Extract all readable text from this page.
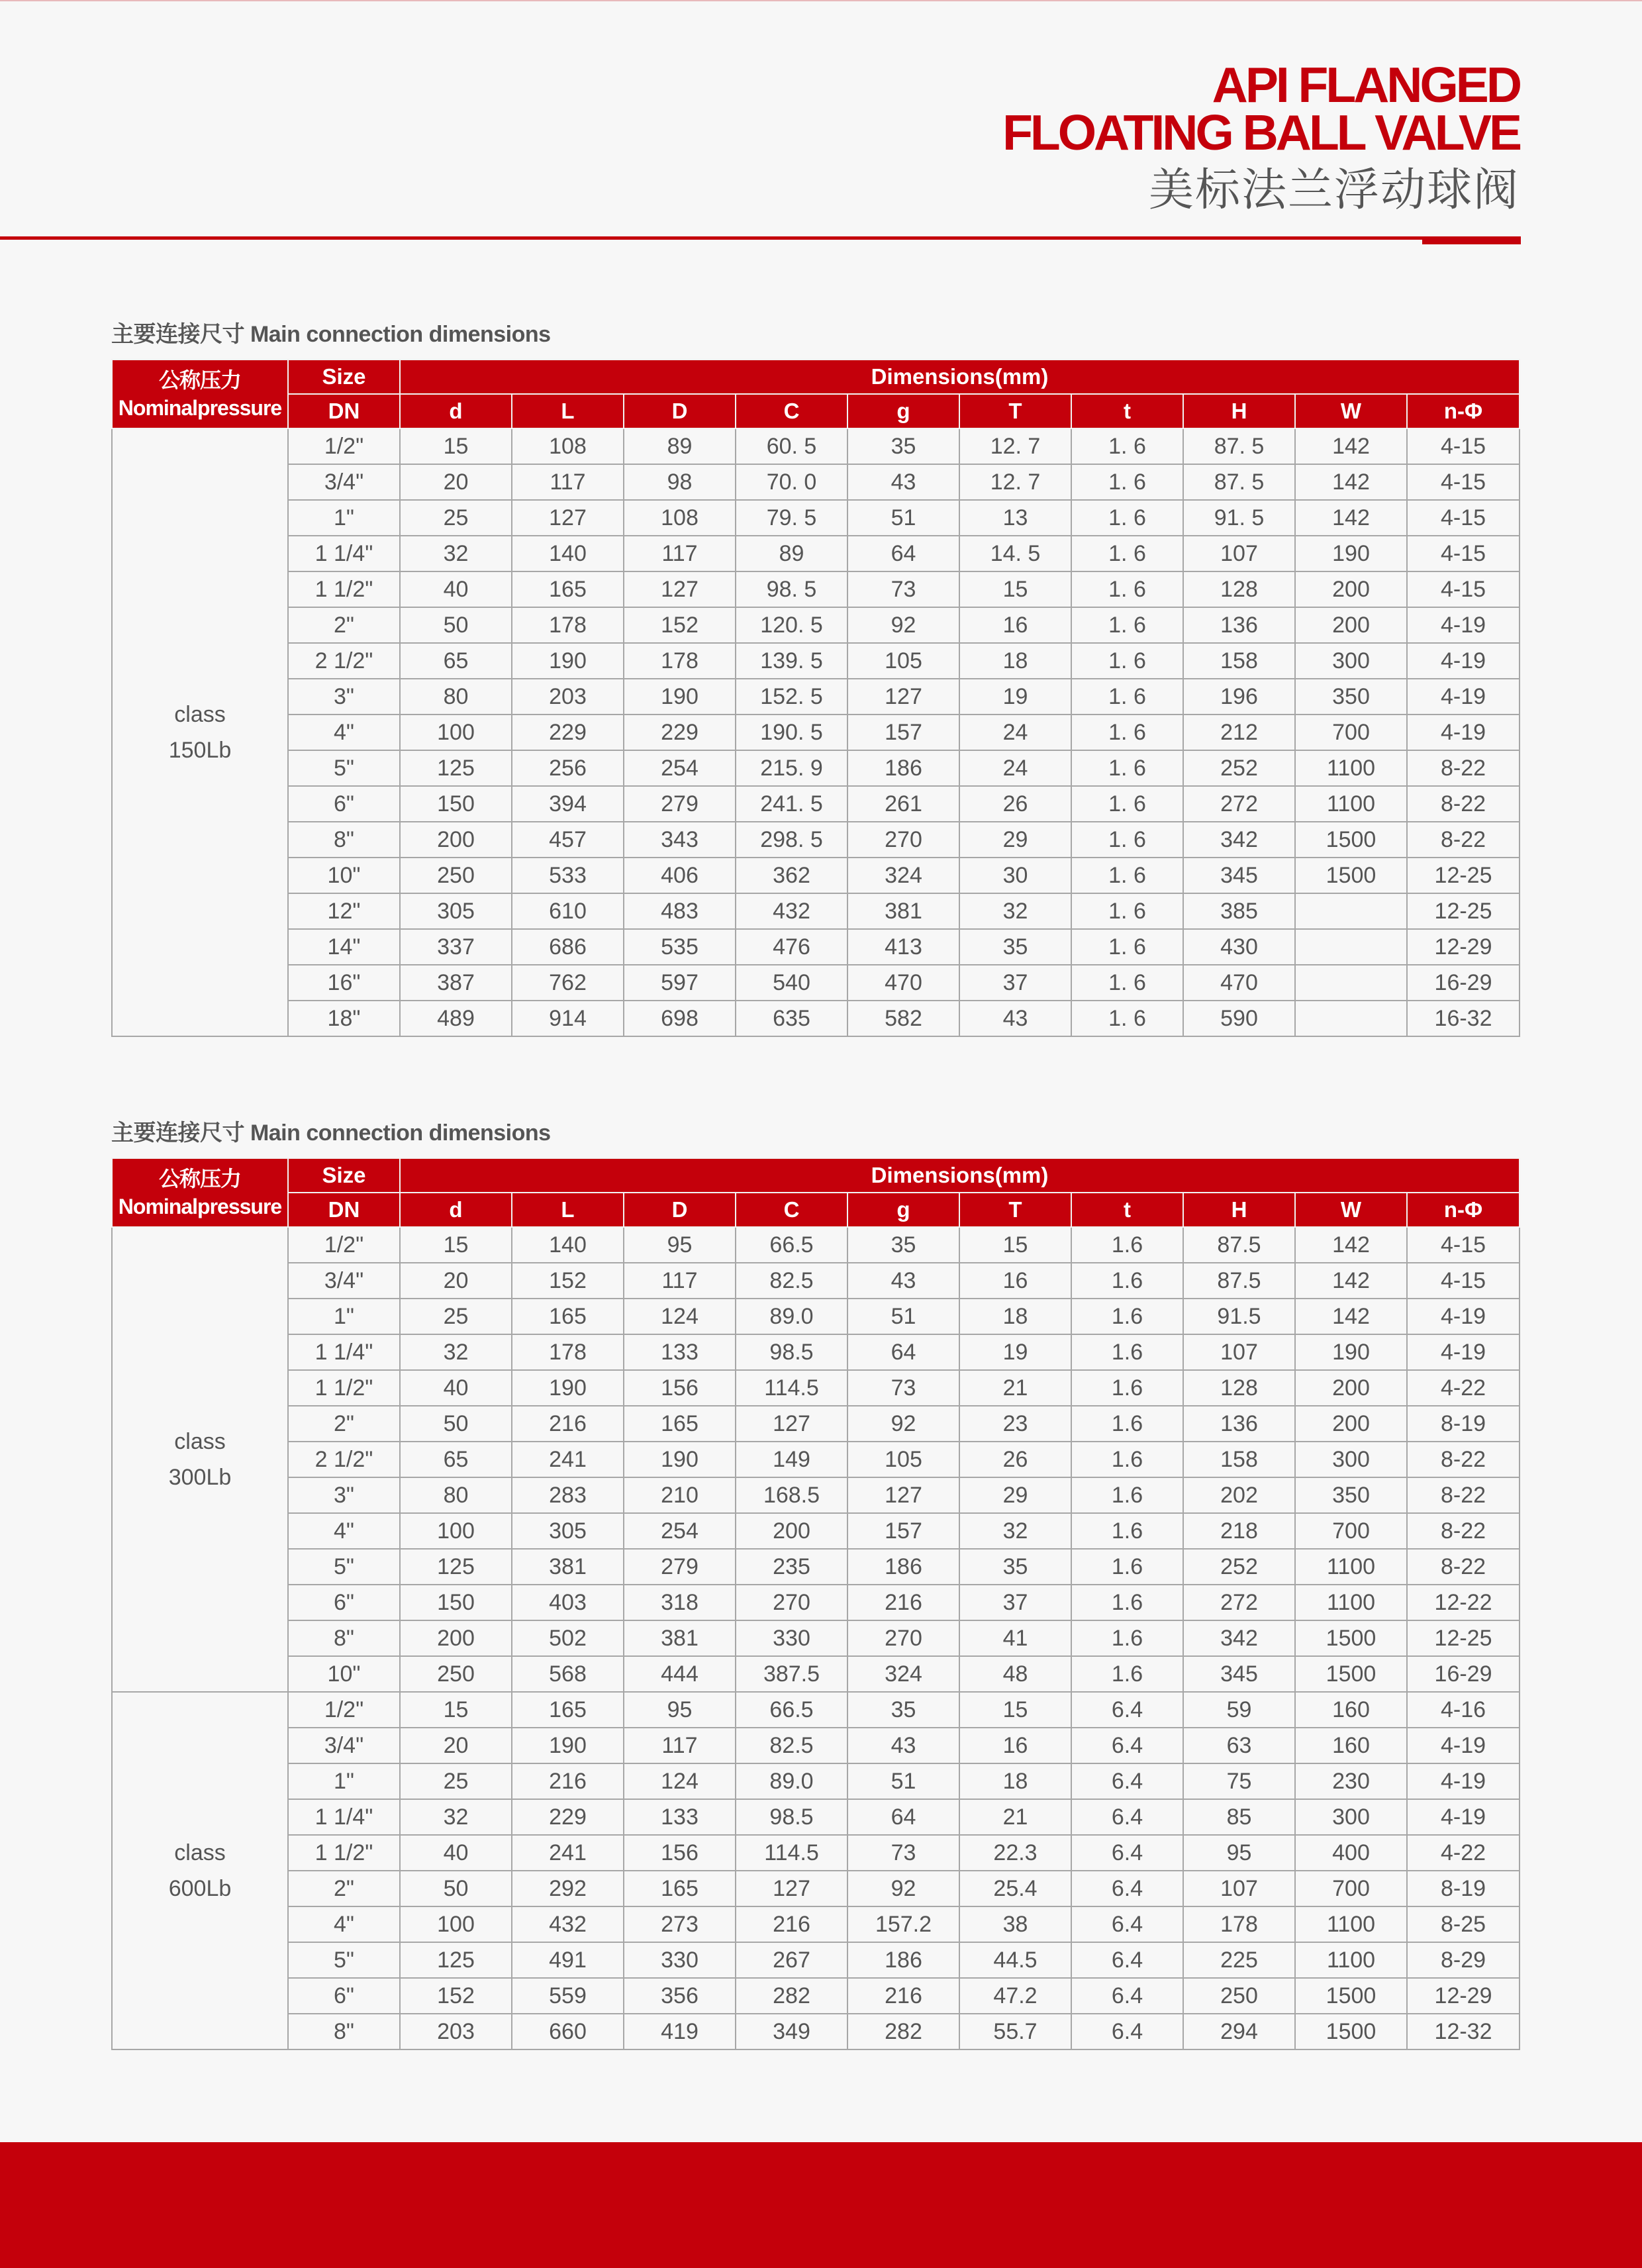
API FLANGED
FLOATING BALL VALVE
美标法兰浮动球阀
主要连接尺寸 Main connection dimensions
公称压力
Nominalpressure	Size	Dimensions(mm)									
	DN	d	L	D	C	g	T	t	H	W	n-Φ

class
150Lb	1/2"	15	108	89	60. 5	35	12. 7	1. 6	87. 5	142	4-15
	3/4"	20	117	98	70. 0	43	12. 7	1. 6	87. 5	142	4-15
	1"	25	127	108	79. 5	51	13	1. 6	91. 5	142	4-15
	1 1/4"	32	140	117	89	64	14. 5	1. 6	107	190	4-15
	1 1/2"	40	165	127	98. 5	73	15	1. 6	128	200	4-15
	2"	50	178	152	120. 5	92	16	1. 6	136	200	4-19
	2 1/2"	65	190	178	139. 5	105	18	1. 6	158	300	4-19
	3"	80	203	190	152. 5	127	19	1. 6	196	350	4-19
	4"	100	229	229	190. 5	157	24	1. 6	212	700	4-19
	5"	125	256	254	215. 9	186	24	1. 6	252	1100	8-22
	6"	150	394	279	241. 5	261	26	1. 6	272	1100	8-22
	8"	200	457	343	298. 5	270	29	1. 6	342	1500	8-22
	10"	250	533	406	362	324	30	1. 6	345	1500	12-25
	12"	305	610	483	432	381	32	1. 6	385		12-25
	14"	337	686	535	476	413	35	1. 6	430		12-29
	16"	387	762	597	540	470	37	1. 6	470		16-29
	18"	489	914	698	635	582	43	1. 6	590		16-32
主要连接尺寸 Main connection dimensions
公称压力
Nominalpressure	Size	Dimensions(mm)									
	DN	d	L	D	C	g	T	t	H	W	n-Φ

class
300Lb	1/2"	15	140	95	66.5	35	15	1.6	87.5	142	4-15
	3/4"	20	152	117	82.5	43	16	1.6	87.5	142	4-15
	1"	25	165	124	89.0	51	18	1.6	91.5	142	4-19
	1 1/4"	32	178	133	98.5	64	19	1.6	107	190	4-19
	1 1/2"	40	190	156	114.5	73	21	1.6	128	200	4-22
	2"	50	216	165	127	92	23	1.6	136	200	8-19
	2 1/2"	65	241	190	149	105	26	1.6	158	300	8-22
	3"	80	283	210	168.5	127	29	1.6	202	350	8-22
	4"	100	305	254	200	157	32	1.6	218	700	8-22
	5"	125	381	279	235	186	35	1.6	252	1100	8-22
	6"	150	403	318	270	216	37	1.6	272	1100	12-22
	8"	200	502	381	330	270	41	1.6	342	1500	12-25
	10"	250	568	444	387.5	324	48	1.6	345	1500	16-29

class
600Lb	1/2"	15	165	95	66.5	35	15	6.4	59	160	4-16
	3/4"	20	190	117	82.5	43	16	6.4	63	160	4-19
	1"	25	216	124	89.0	51	18	6.4	75	230	4-19
	1 1/4"	32	229	133	98.5	64	21	6.4	85	300	4-19
	1 1/2"	40	241	156	114.5	73	22.3	6.4	95	400	4-22
	2"	50	292	165	127	92	25.4	6.4	107	700	8-19
	4"	100	432	273	216	157.2	38	6.4	178	1100	8-25
	5"	125	491	330	267	186	44.5	6.4	225	1100	8-29
	6"	152	559	356	282	216	47.2	6.4	250	1500	12-29
	8"	203	660	419	349	282	55.7	6.4	294	1500	12-32
